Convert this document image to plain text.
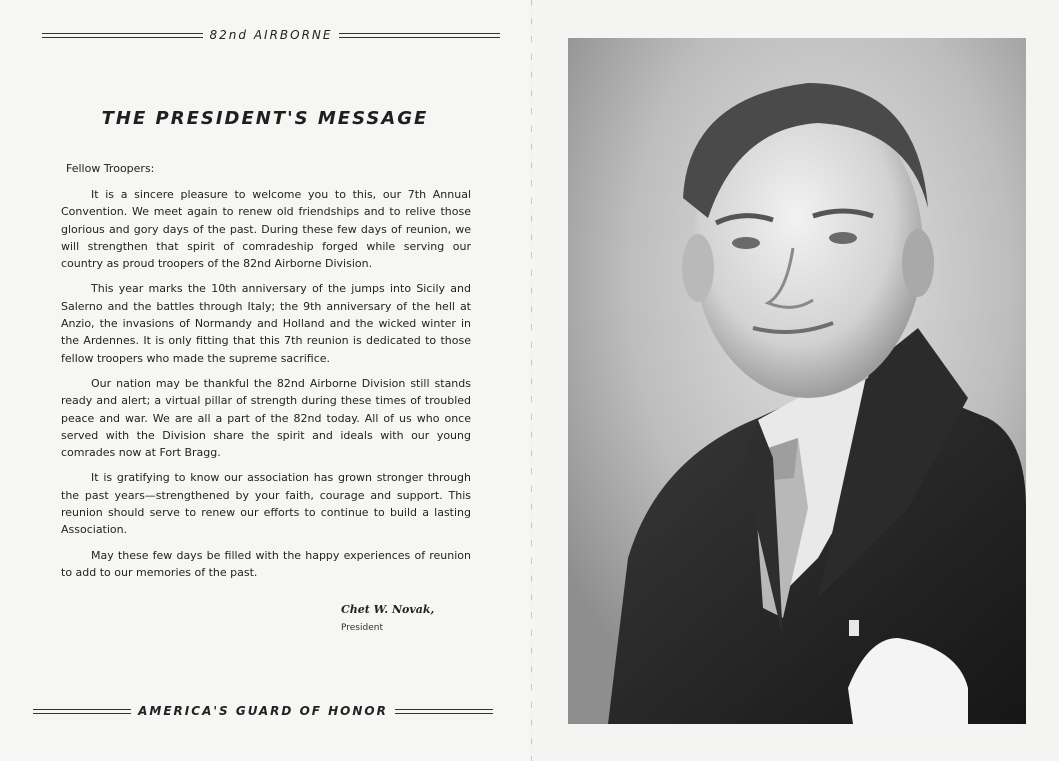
82nd AIRBORNE
THE PRESIDENT'S MESSAGE
Fellow Troopers:

It is a sincere pleasure to welcome you to this, our 7th Annual Convention. We meet again to renew old friendships and to relive those glorious and gory days of the past. During these few days of reunion, we will strengthen that spirit of comradeship forged while serving our country as proud troopers of the 82nd Airborne Division.

This year marks the 10th anniversary of the jumps into Sicily and Salerno and the battles through Italy; the 9th anniversary of the hell at Anzio, the invasions of Normandy and Holland and the wicked winter in the Ardennes. It is only fitting that this 7th reunion is dedicated to those fellow troopers who made the supreme sacrifice.

Our nation may be thankful the 82nd Airborne Division still stands ready and alert; a virtual pillar of strength during these times of troubled peace and war. We are all a part of the 82nd today. All of us who once served with the Division share the spirit and ideals with our young comrades now at Fort Bragg.

It is gratifying to know our association has grown stronger through the past years—strengthened by your faith, courage and support. This reunion should serve to renew our efforts to continue to build a lasting Association.

May these few days be filled with the happy experiences of reunion to add to our memories of the past.

Chet W. Novak,
President
AMERICA'S GUARD OF HONOR
